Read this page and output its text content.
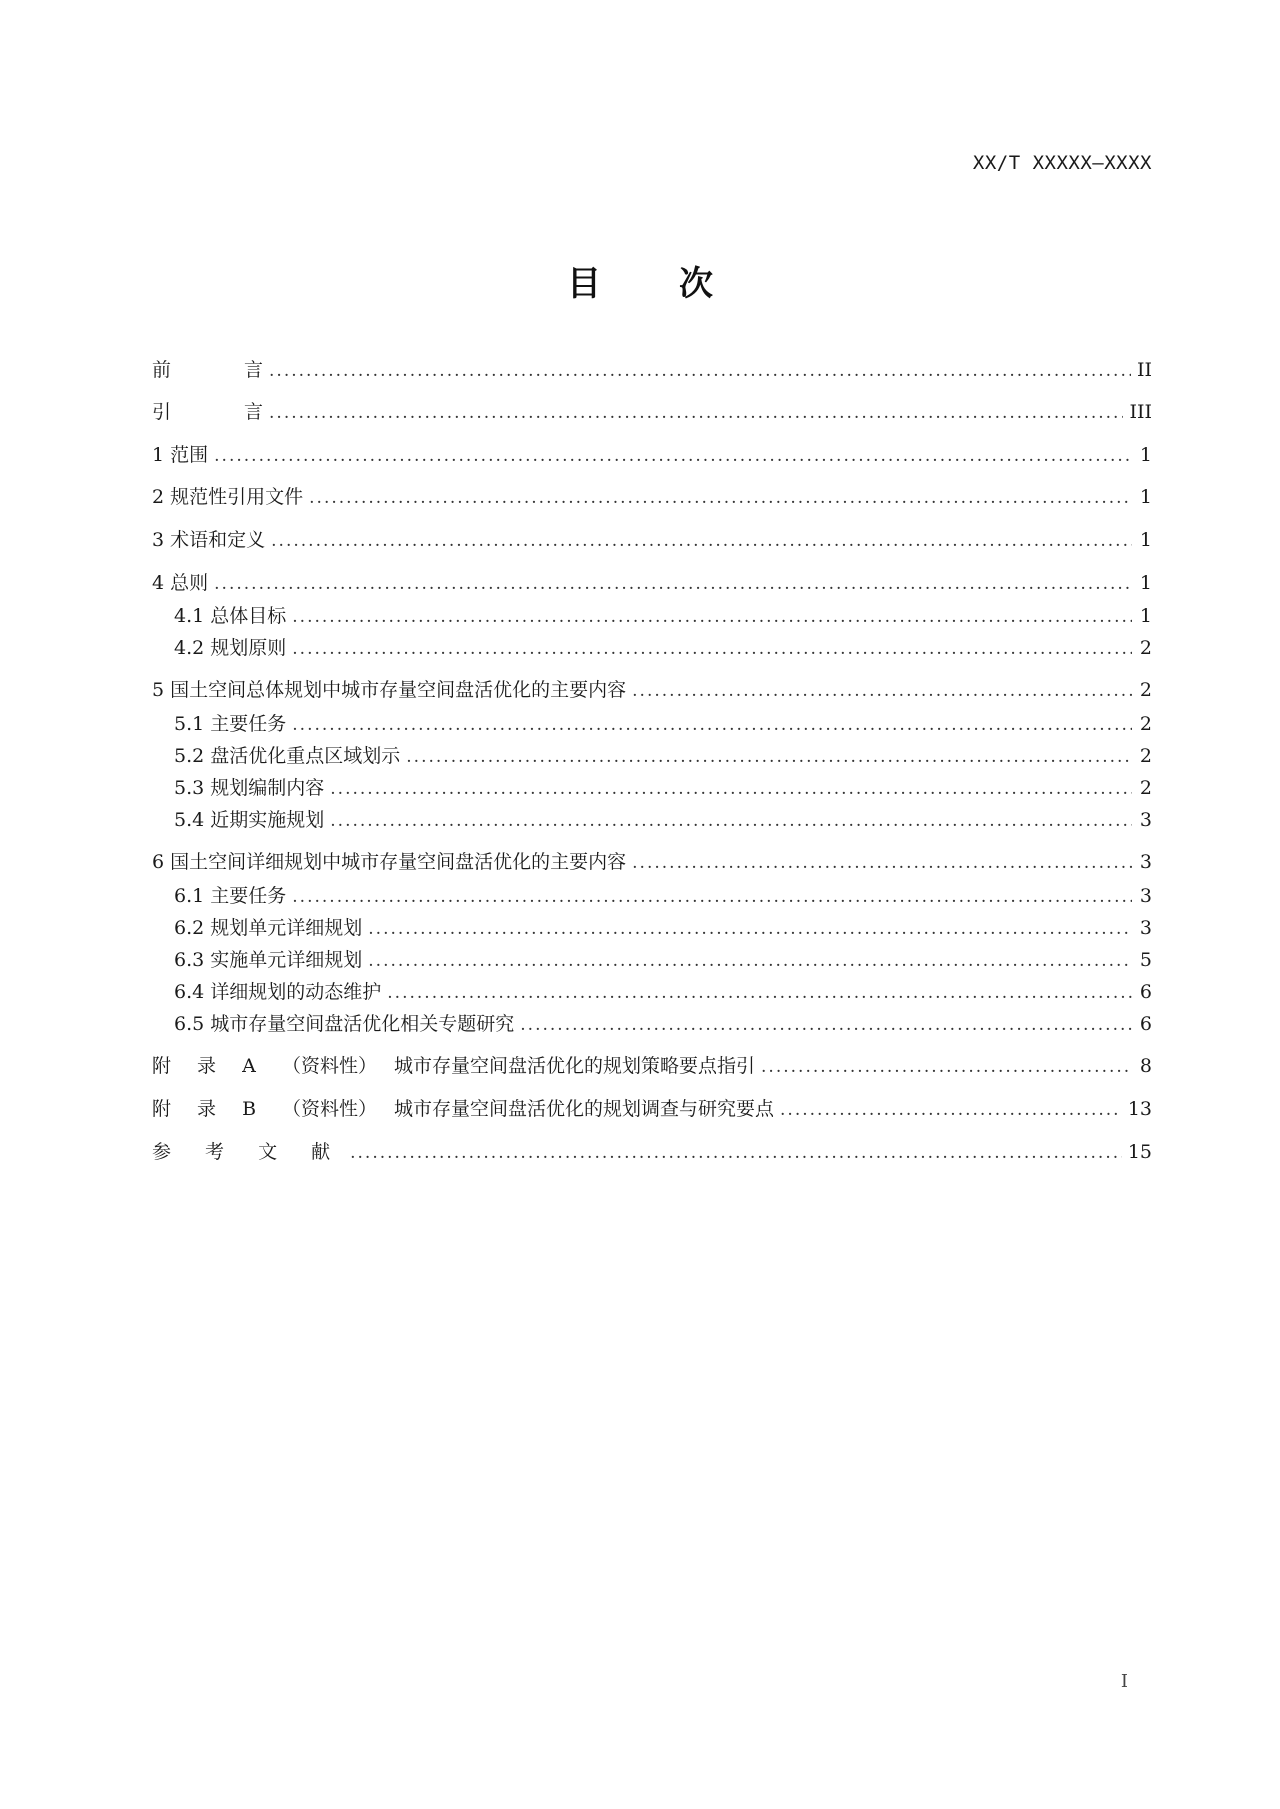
XX/T XXXXX—XXXX
目次
前	言 .....	II
引	言 .....	III
1 范围 .....	1
2 规范性引用文件 .....	1
3 术语和定义 .....	1
4 总则 .....	1
4.1 总体目标 .....	1
4.2 规划原则 .....	2
5 国土空间总体规划中城市存量空间盘活优化的主要内容 .....	2
5.1 主要任务 .....	2
5.2 盘活优化重点区域划示 .....	2
5.3 规划编制内容 .....	2
5.4 近期实施规划 .....	3
6 国土空间详细规划中城市存量空间盘活优化的主要内容 .....	3
6.1 主要任务 .....	3
6.2 规划单元详细规划 .....	3
6.3 实施单元详细规划 .....	5
6.4 详细规划的动态维护 .....	6
6.5 城市存量空间盘活优化相关专题研究 .....	6
附 录 A （资料性） 城市存量空间盘活优化的规划策略要点指引 .....	8
附 录 B （资料性） 城市存量空间盘活优化的规划调查与研究要点 .....	13
参 考 文 献 .....	15
I
